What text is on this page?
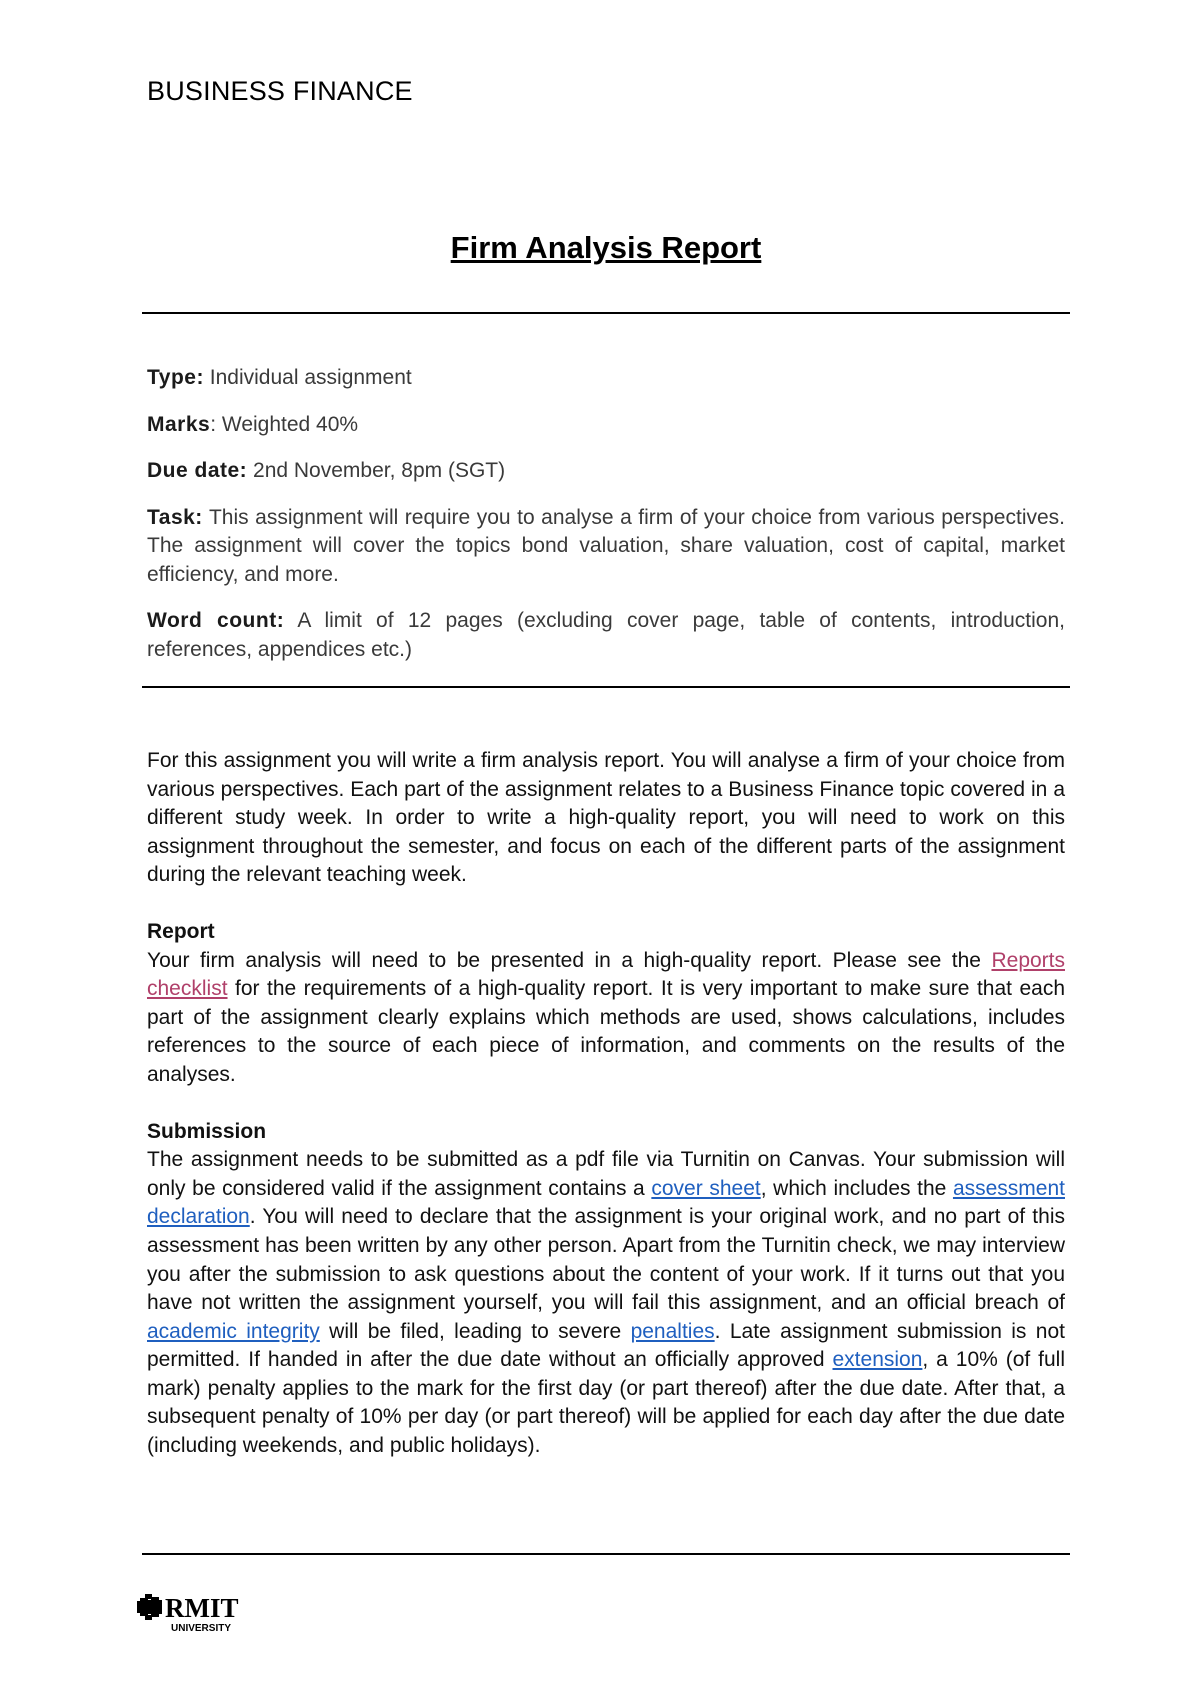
BUSINESS FINANCE
Firm Analysis Report

Type: Individual assignment

Marks: Weighted 40%

Due date: 2nd November, 8pm (SGT)

Task: This assignment will require you to analyse a firm of your choice from various perspectives. The assignment will cover the topics bond valuation, share valuation, cost of capital, market efficiency, and more.

Word count: A limit of 12 pages (excluding cover page, table of contents, introduction, references, appendices etc.)

For this assignment you will write a firm analysis report. You will analyse a firm of your choice from various perspectives. Each part of the assignment relates to a Business Finance topic covered in a different study week. In order to write a high-quality report, you will need to work on this assignment throughout the semester, and focus on each of the different parts of the assignment during the relevant teaching week.

Report
Your firm analysis will need to be presented in a high-quality report. Please see the Reports checklist for the requirements of a high-quality report. It is very important to make sure that each part of the assignment clearly explains which methods are used, shows calculations, includes references to the source of each piece of information, and comments on the results of the analyses.

Submission
The assignment needs to be submitted as a pdf file via Turnitin on Canvas. Your submission will only be considered valid if the assignment contains a cover sheet, which includes the assessment declaration. You will need to declare that the assignment is your original work, and no part of this assessment has been written by any other person. Apart from the Turnitin check, we may interview you after the submission to ask questions about the content of your work. If it turns out that you have not written the assignment yourself, you will fail this assignment, and an official breach of academic integrity will be filed, leading to severe penalties. Late assignment submission is not permitted. If handed in after the due date without an officially approved extension, a 10% (of full mark) penalty applies to the mark for the first day (or part thereof) after the due date. After that, a subsequent penalty of 10% per day (or part thereof) will be applied for each day after the due date (including weekends, and public holidays).

RMIT
UNIVERSITY
